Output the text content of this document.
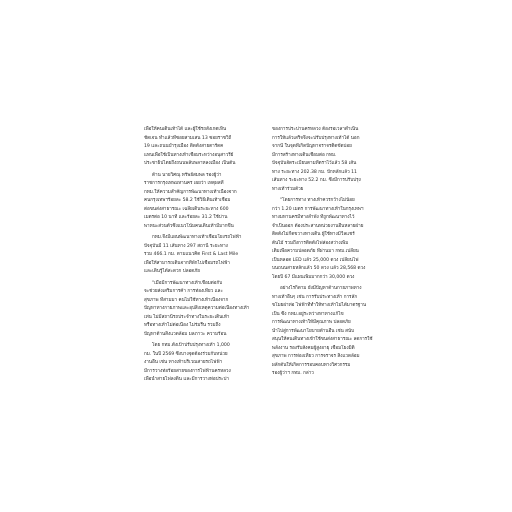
เพื่อให้คนเดินเท้าได้ และผู้ใช้รถสังเกตเห็น
ชัดเจน ทำแล้วที่ซอยสามเสน 13 ซอยราชวิถี
19 และถนนบำรุงเมือง ติดตั้งสายตาร์ดค
แทนเพื่อใช้เป็นทางเท้าเชื่อมระหว่างอนุสาวรีย์
ประชาธิปไตยถึงถนนพลับพลาหลงเมือง เป็นต้น
ด้าน นายวิศณุ ทรัพย์สมพล รองผู้ว่า
ราชการกรุงเทพมหานคร เผยว่า เหตุผลที่
กทม.ให้ความสำคัญการพัฒนาทางเท้าเนื่องจาก
คนกรุงเทพฯร้อยละ 58.2 ใช้วิธีเดินเท้าเชื่อม
ต่อขนส่งสาธารณะ เฉลี่ยเดินระยะทาง 600
เมตรต่อ 10 นาที และร้อยละ 31.2 ใช้บ่าน
พาหนะส่วนตัวซึ่งแนวโน้มคนเดินเท้ามีมากขึ้น
กทม.จึงมีแผนพัฒนาทางเท้าเชื่อมโยงรถไฟฟ้า
ปัจจุบันมี 11 เส้นทาง 297 สถานี ระยะทาง
รวม 466.1 กม. ตามแนวคิด First & Last Mile
เพื่อให้สามารถเดินจากที่พักไปเชื่อมรถไฟฟ้า
และเดินรู้ได้สะดวก ปลอดภัย
"เมื่อมีการพัฒนาทางเท้าเชื่อมต่อกับ
จะช่วยส่งเสริมการค้า การท่องเที่ยว และ
สุขภาพ ที่สามมา คนไม่ใช้ทางเท้าเนื่องจาก
ปัญหาทางกายภาพและอุปสิงเหตุความต่อเนื่องทางเท้า
เท่น ไม่มีสถานีรถประจำทางในระยะเดินเท้า
หรือทางเท้าไม่ต่อเนื่อง ไม่ร่มรื่น รวมถึง
ปัญหาด้านสิ่งแวดล้อม มลภาวะ ความร้อน
โดย กทม.ตั้งเป้าปรับปรุงทางเท้า 1,000
กม. ในปี 2569 ซึ่งบางจุดต้องร่วมกับหน่วย
งานอื่น เช่น ทางเท้าบริเวณสายรถไฟฟ้า
มีการวางท่อร้อยสายของการไฟฟ้านครหลวง
เพื่อนำสายไฟลงดิน และมีการวางท่อประปา
ของการประปานครหลวง ต้องรอเวลาดำเนิน
การให้แล้วเสร็จจึงจะปรับปรุงทางเท้าได้ นอก
จากนี้ ในจุดที่เกิดปัญหาจราจรติดขัดบ่อย
มีการสร้างทางเดินเชื่อมต่อ กทม.
ปัจจุบันจัดระเบียบตามที่ตราไว้แล้ว 58 เส้น
ทาง ระยะทาง 202.38 กม. ปักหลักแล้ว 11
เส้นทาง ระยะทาง 52.2 กม. ซึ่งมีการปรับปรุง
ทางเท้าร่วมด้วย
"โดยการทาง ทางเท้าควรกว้างไม่น้อย
กว่า 1.20 เมตร การพัฒนาทางเท้าในกรุงเทพฯ
ทางมหานครมีทางลำพัง ที่ถูกพัฒนาทางไว้
จำเป็นออก ต้องประสานหน่วยงานอื่นหลายฝ่าย
ติดตั้งไม่กีดขวางทางเดิน ผู้ใช้ทางมีวีลแชร์
ต้นไม้ รวมถึงการติดตั้งไฟส่องสว่างเพิ่ม
เติมเพื่อความปลอดภัย ที่ผ่านมา กทม.เปลี่ยน
เป็นหลอด LED แล้ว 25,000 ดวง เปลี่ยนไฟ
บนถนนสายหลักแล้ว 50 ดวง แล้ว 28,568 ดวง
โดยปี 67 มีแผนเพิ่มมากกว่า 30,000 ดวง
อย่างไรก็ตาม ยังมีปัญหาด้านกายภาพทาง
ทางเท้าอื่นๆ เช่น การรับประทางเท้า การลัก
ขโมยฝาท่อ ไฟฟ้าที่ทำให้ทางเท้าไม่ได้มาตรฐาน
เป็น ซึ่ง กทม.อยู่ระหว่างหาทางแก้ไข
การพัฒนาทางเท้าให้มีคุณภาพ ปลอดภัย
นำไปสู่การพัฒนาโยบายด้านอื่น เช่น สนับ
สนุนให้คนเดินทางเข้าใช้ขนส่งสาธารณะ ลดการใช้
พลังงาน รองรับสังคมผู้สูงอายุ เชื่อมโยงมิติ
สุขภาพ การท่องเที่ยว การจราจร สิ่งแวดล้อม
ผลักดันให้เกิดการรอบคอบทางวิศวกรรม
รองผู้ว่าฯ กทม. กล่าว
